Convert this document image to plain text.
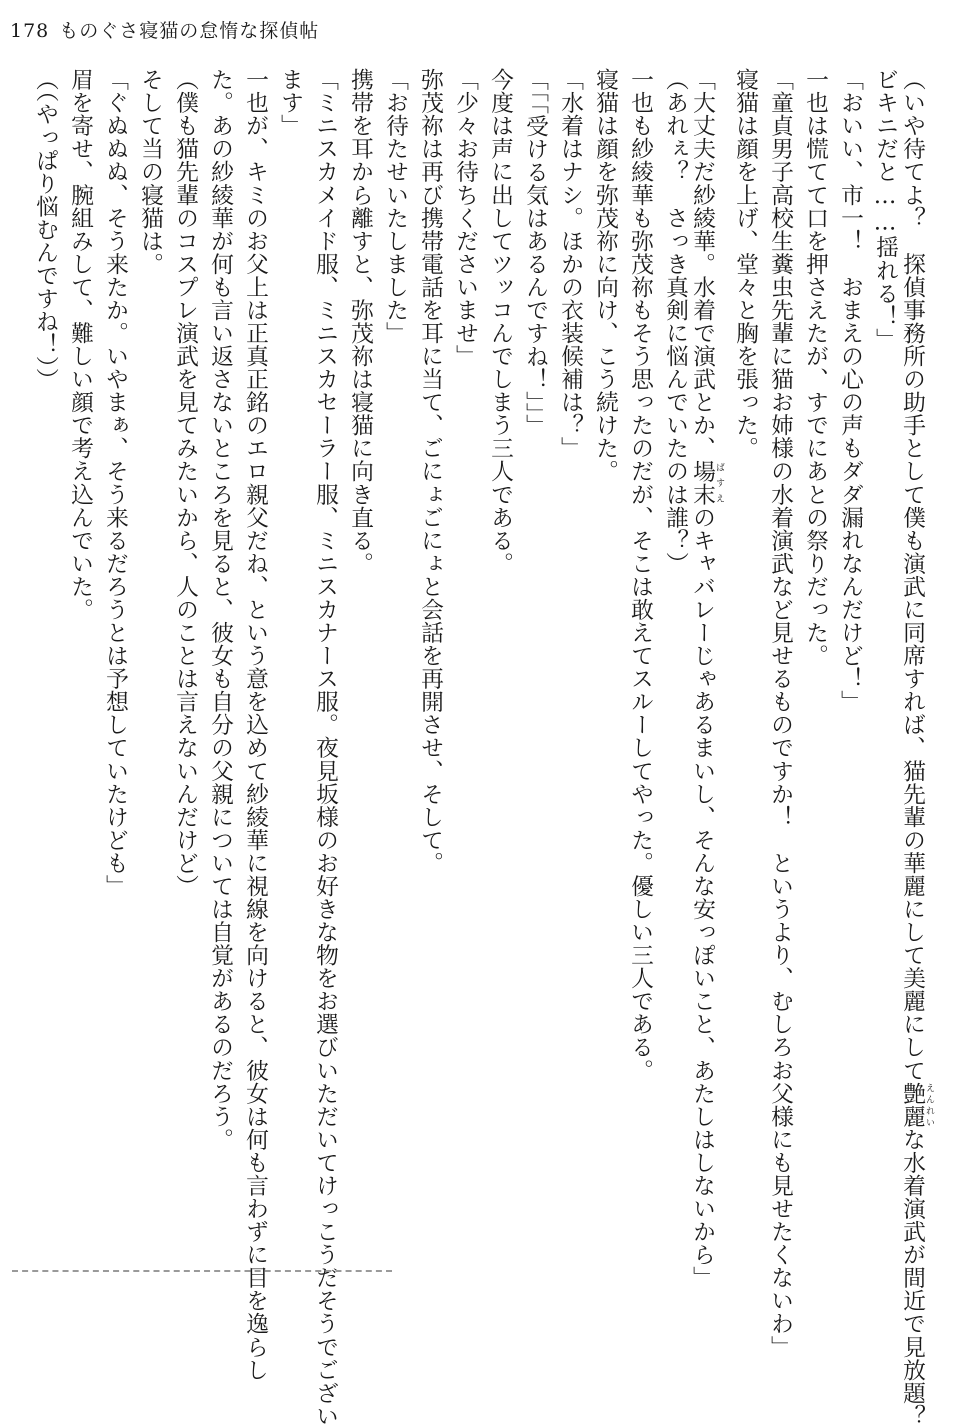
178 ものぐさ寝猫の怠惰な探偵帖
（いや待てよ？　探偵事務所の助手として僕も演武に同席すれば、猫先輩の華麗にして美麗にして艶麗 えんれいな水着演武が間近で見放題？
ビキニだと……揺れる！」
「おいい、市一！　おまえの心の声もダダ漏れなんだけど！」
一也は慌てて口を押さえたが、すでにあとの祭りだった。
「童貞男子高校生糞虫先輩に猫お姉様の水着演武など見せるものですか！　というより、むしろお父様にも見せたくないわ」
寝猫は顔を上げ、堂々と胸を張った。
「大丈夫だ紗綾華。水着で演武とか、場末 ばすえのキャバレーじゃあるまいし、そんな安っぽいこと、あたしはしないから」
（あれぇ？　さっき真剣に悩んでいたのは誰？）
一也も紗綾華も弥茂祢もそう思ったのだが、そこは敢えてスルーしてやった。優しい三人である。
寝猫は顔を弥茂祢に向け、こう続けた。
「水着はナシ。ほかの衣装候補は？」
「「「受ける気はあるんですね！」」」
今度は声に出してツッコんでしまう三人である。
「少々お待ちくださいませ」
弥茂祢は再び携帯電話を耳に当て、ごにょごにょと会話を再開させ、そして。
「お待たせいたしました」
携帯を耳から離すと、弥茂祢は寝猫に向き直る。
「ミニスカメイド服、ミニスカセーラー服、ミニスカナース服。夜見坂様のお好きな物をお選びいただいてけっこうだそうでござい
ます」
一也が、キミのお父上は正真正銘のエロ親父だね、という意を込めて紗綾華に視線を向けると、彼女は何も言わずに目を逸らし
た。あの紗綾華が何も言い返さないところを見ると、彼女も自分の父親については自覚があるのだろう。
（僕も猫先輩のコスプレ演武を見てみたいから、人のことは言えないんだけど）
そして当の寝猫は。
「ぐぬぬぬ、そう来たか。いやまぁ、そう来るだろうとは予想していたけども」
眉を寄せ、腕組みして、難しい顔で考え込んでいた。
（（やっぱり悩むんですね！））
